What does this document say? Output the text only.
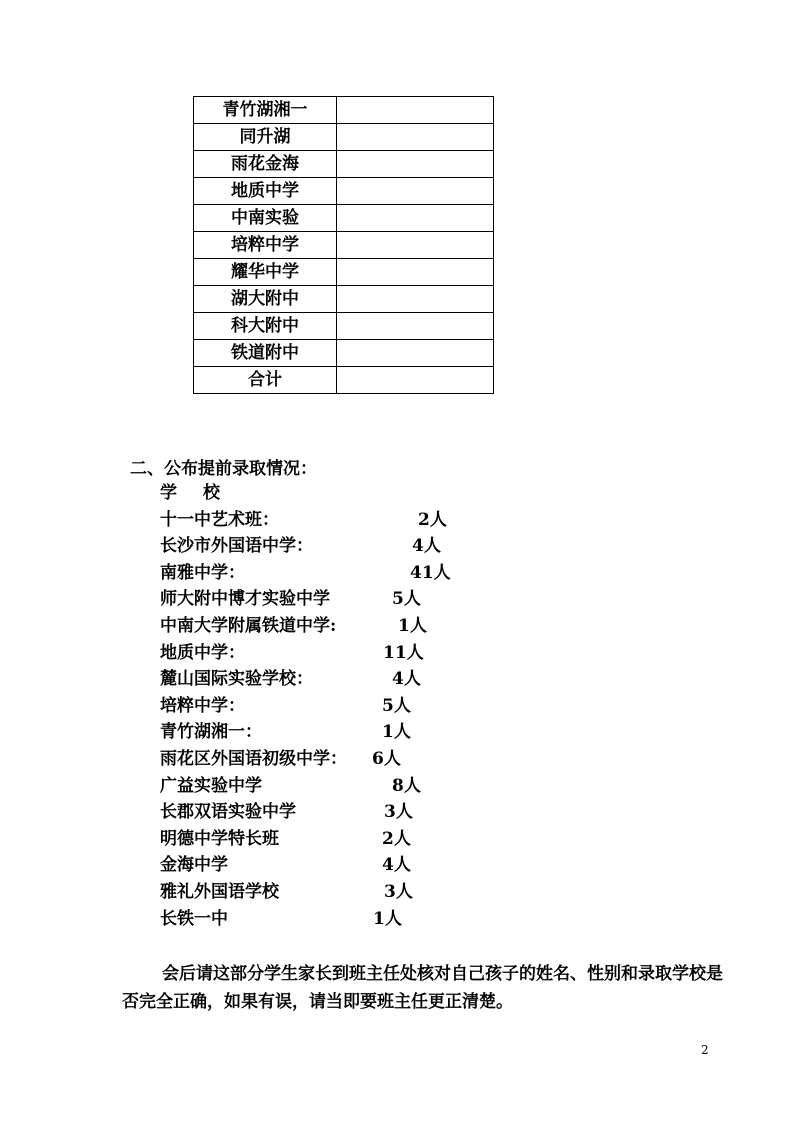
青竹湖湘一	
同升湖	
雨花金海	
地质中学	
中南实验	
培粹中学	
耀华中学	
湖大附中	
科大附中	
铁道附中	
合计	
二、公布提前录取情况：
学 校
十一中艺术班：	2人
长沙市外国语中学：	4人
南雅中学：	41人
师大附中博才实验中学	5人
中南大学附属铁道中学:	1人
地质中学：	11人
麓山国际实验学校：	4人
培粹中学：	5人
青竹湖湘一：	1人
雨花区外国语初级中学： 6人
广益实验中学	8人
长郡双语实验中学	3人
明德中学特长班	2人
金海中学	4人
雅礼外国语学校	3人
长铁一中	1人

会后请这部分学生家长到班主任处核对自己孩子的姓名、性别和录取学校是否完全正确，如果有误，请当即要班主任更正清楚。

2
